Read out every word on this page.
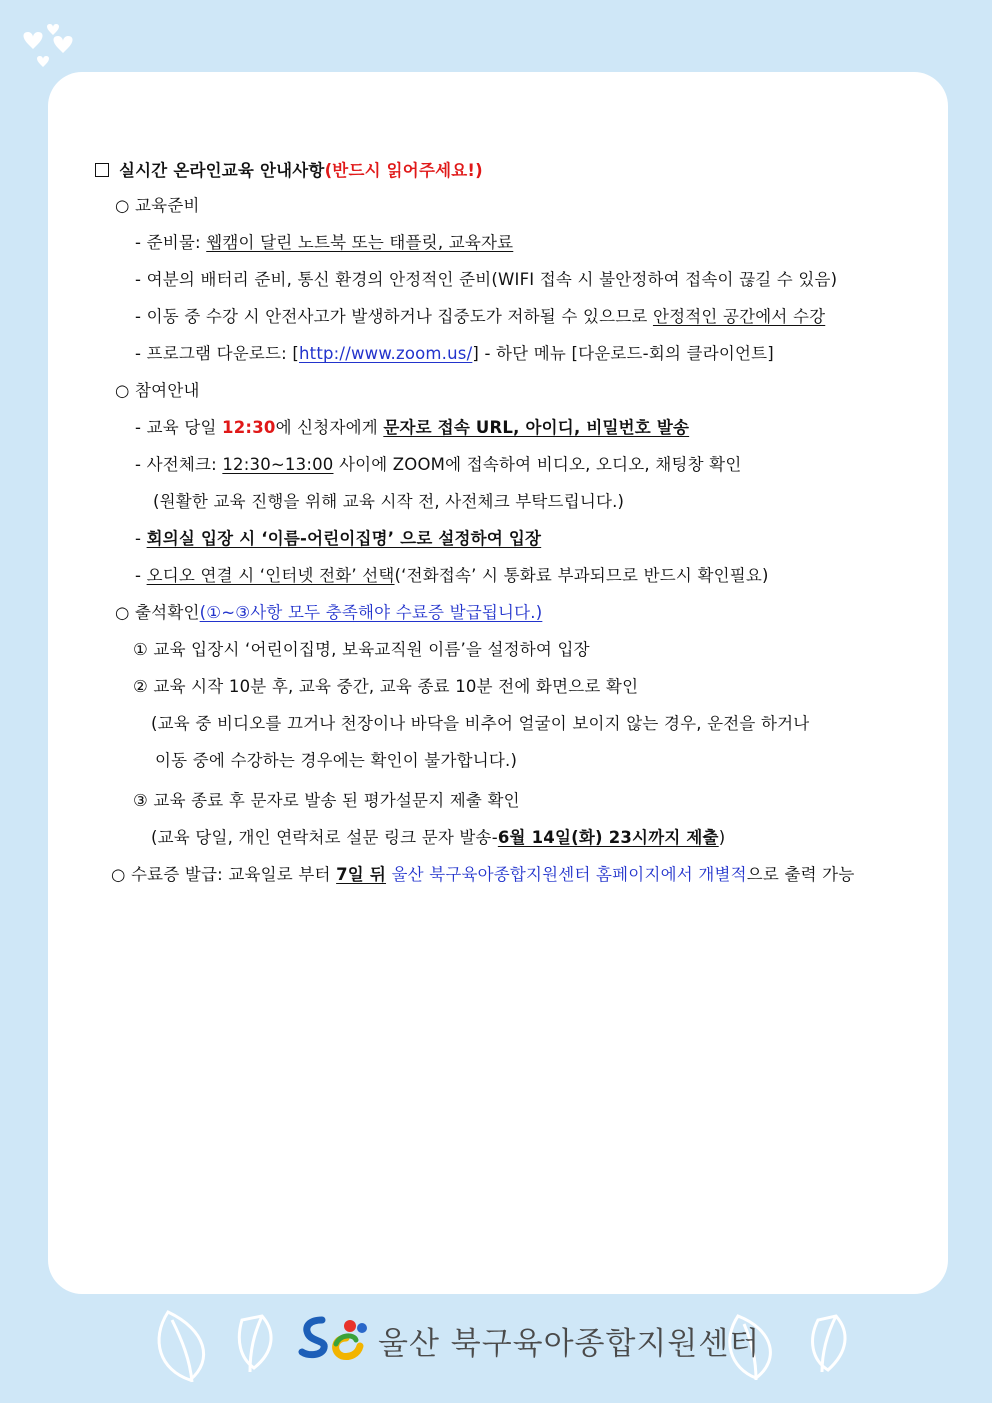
실시간 온라인교육 안내사항(반드시 읽어주세요!)
○ 교육준비
- 준비물: 웹캠이 달린 노트북 또는 태플릿, 교육자료
- 여분의 배터리 준비, 통신 환경의 안정적인 준비(WIFI 접속 시 불안정하여 접속이 끊길 수 있음)
- 이동 중 수강 시 안전사고가 발생하거나 집중도가 저하될 수 있으므로 안정적인 공간에서 수강
- 프로그램 다운로드: [http://www.zoom.us/] - 하단 메뉴 [다운로드-회의 클라이언트]
○ 참여안내
- 교육 당일 12:30에 신청자에게 문자로 접속 URL, 아이디, 비밀번호 발송
- 사전체크: 12:30~13:00 사이에 ZOOM에 접속하여 비디오, 오디오, 채팅창 확인
(원활한 교육 진행을 위해 교육 시작 전, 사전체크 부탁드립니다.)
- 회의실 입장 시 ‘이름-어린이집명’ 으로 설정하여 입장
- 오디오 연결 시 ‘인터넷 전화’ 선택(‘전화접속’ 시 통화료 부과되므로 반드시 확인필요)
○ 출석확인(①~③사항 모두 충족해야 수료증 발급됩니다.)
① 교육 입장시 ‘어린이집명, 보육교직원 이름’을 설정하여 입장
② 교육 시작 10분 후, 교육 중간, 교육 종료 10분 전에 화면으로 확인
(교육 중 비디오를 끄거나 천장이나 바닥을 비추어 얼굴이 보이지 않는 경우, 운전을 하거나
이동 중에 수강하는 경우에는 확인이 불가합니다.)
③ 교육 종료 후 문자로 발송 된 평가설문지 제출 확인
(교육 당일, 개인 연락처로 설문 링크 문자 발송-6월 14일(화) 23시까지 제출)
○ 수료증 발급: 교육일로 부터 7일 뒤 울산 북구육아종합지원센터 홈페이지에서 개별적으로 출력 가능
울산 북구육아종합지원센터
